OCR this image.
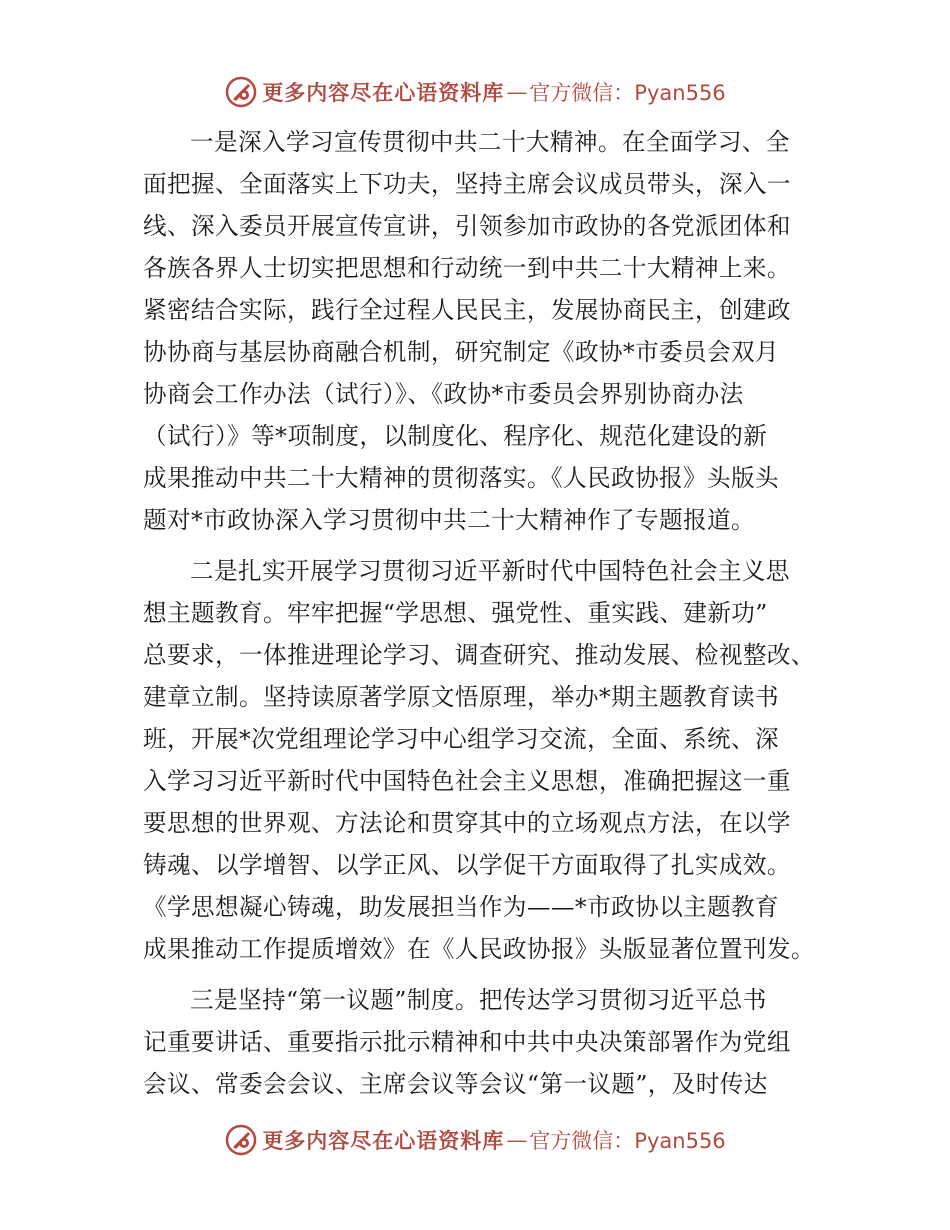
更多内容尽在心语资料库 — 官方微信：Pyan556
一是深入学习宣传贯彻中共二十大精神。在全面学习、全
面把握、全面落实上下功夫，坚持主席会议成员带头，深入一
线、深入委员开展宣传宣讲，引领参加市政协的各党派团体和
各族各界人士切实把思想和行动统一到中共二十大精神上来。
紧密结合实际，践行全过程人民民主，发展协商民主，创建政
协协商与基层协商融合机制，研究制定《政协*市委员会双月
协商会工作办法（试行）》、《政协*市委员会界别协商办法
（试行）》等*项制度，以制度化、程序化、规范化建设的新
成果推动中共二十大精神的贯彻落实。《人民政协报》头版头
题对*市政协深入学习贯彻中共二十大精神作了专题报道。
二是扎实开展学习贯彻习近平新时代中国特色社会主义思
想主题教育。牢牢把握“学思想、强党性、重实践、建新功”
总要求，一体推进理论学习、调查研究、推动发展、检视整改、
建章立制。坚持读原著学原文悟原理，举办*期主题教育读书
班，开展*次党组理论学习中心组学习交流，全面、系统、深
入学习习近平新时代中国特色社会主义思想，准确把握这一重
要思想的世界观、方法论和贯穿其中的立场观点方法，在以学
铸魂、以学增智、以学正风、以学促干方面取得了扎实成效。
《学思想凝心铸魂，助发展担当作为——*市政协以主题教育
成果推动工作提质增效》在《人民政协报》头版显著位置刊发。
三是坚持“第一议题”制度。把传达学习贯彻习近平总书
记重要讲话、重要指示批示精神和中共中央决策部署作为党组
会议、常委会会议、主席会议等会议“第一议题”，及时传达
更多内容尽在心语资料库 — 官方微信：Pyan556
